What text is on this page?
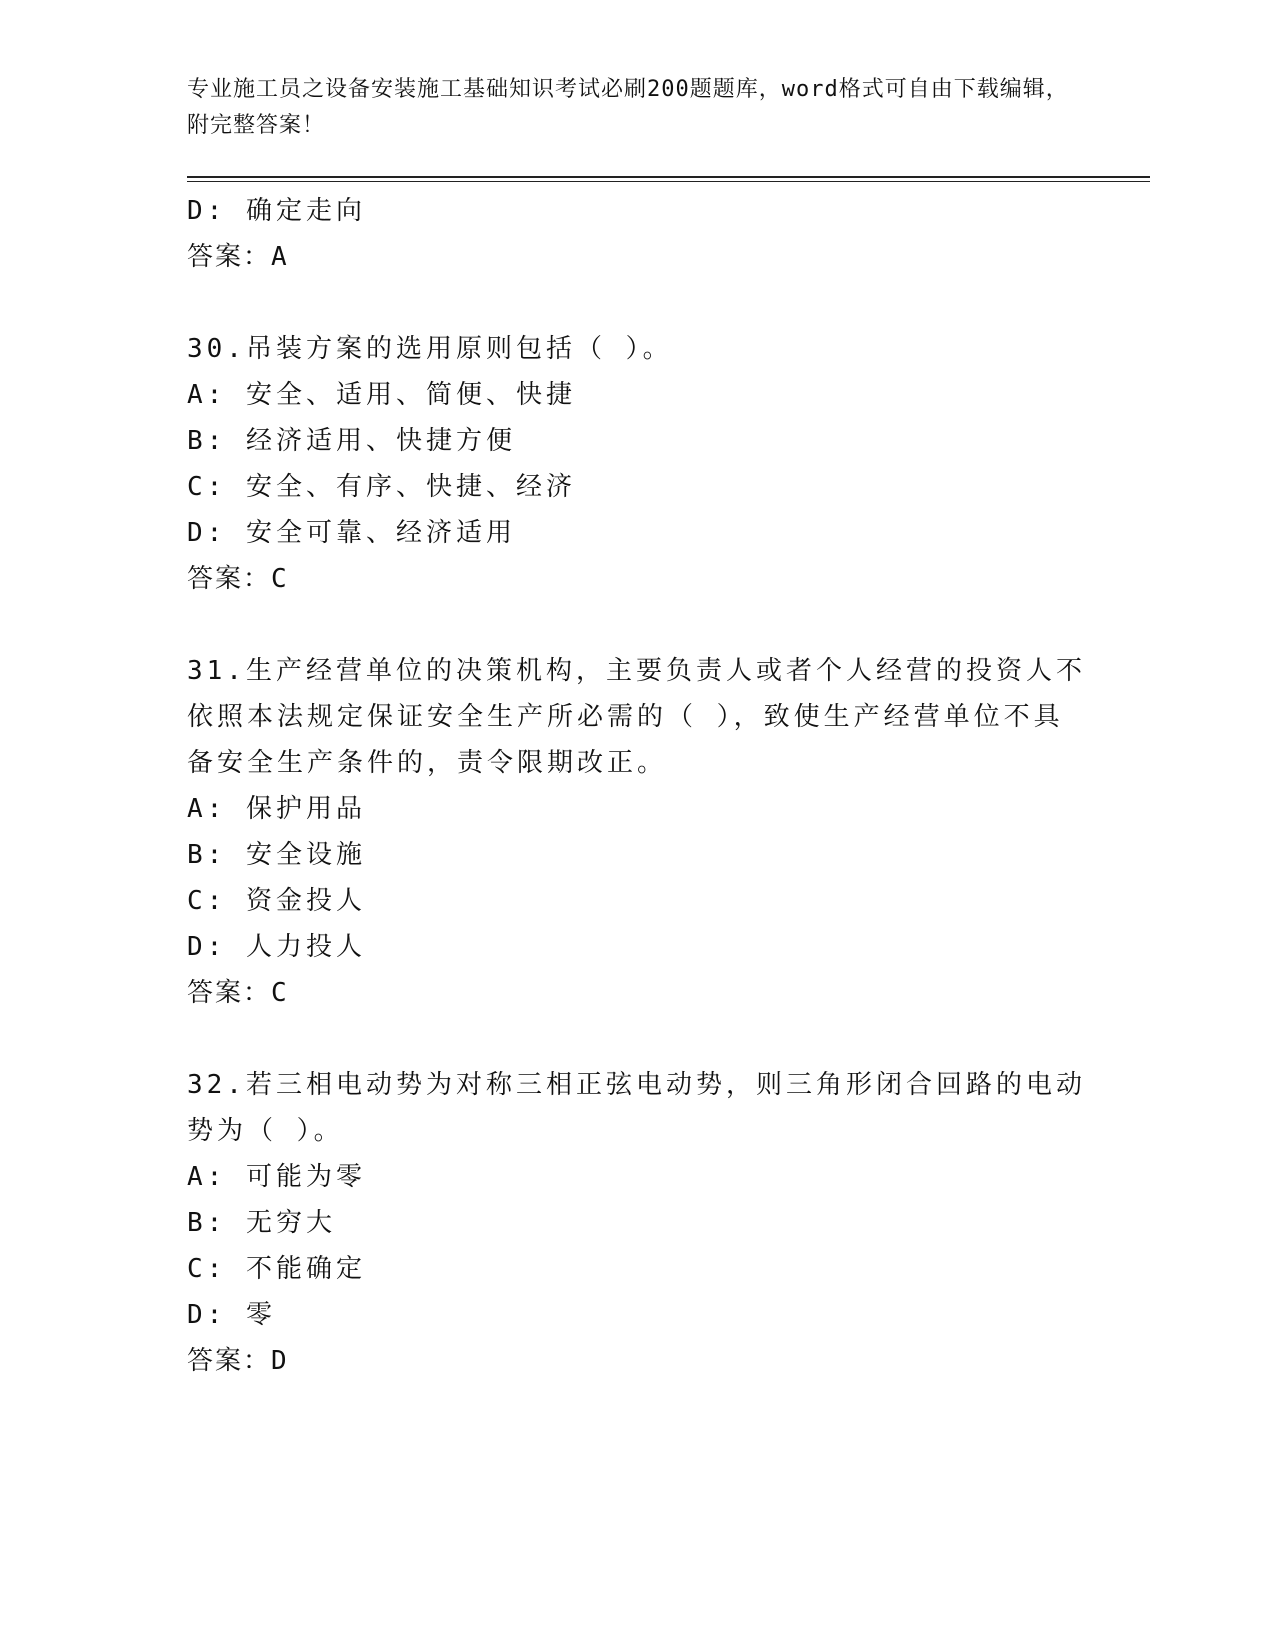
专业施工员之设备安装施工基础知识考试必刷200题题库，word格式可自由下载编辑，附完整答案！
D: 确定走向
答案：A
30.吊装方案的选用原则包括（ ）。
A: 安全、适用、简便、快捷
B: 经济适用、快捷方便
C: 安全、有序、快捷、经济
D: 安全可靠、经济适用
答案：C
31.生产经营单位的决策机构，主要负责人或者个人经营的投资人不依照本法规定保证安全生产所必需的（ ），致使生产经营单位不具备安全生产条件的，责令限期改正。
A: 保护用品
B: 安全设施
C: 资金投人
D: 人力投人
答案：C
32.若三相电动势为对称三相正弦电动势，则三角形闭合回路的电动势为（ ）。
A: 可能为零
B: 无穷大
C: 不能确定
D: 零
答案：D
